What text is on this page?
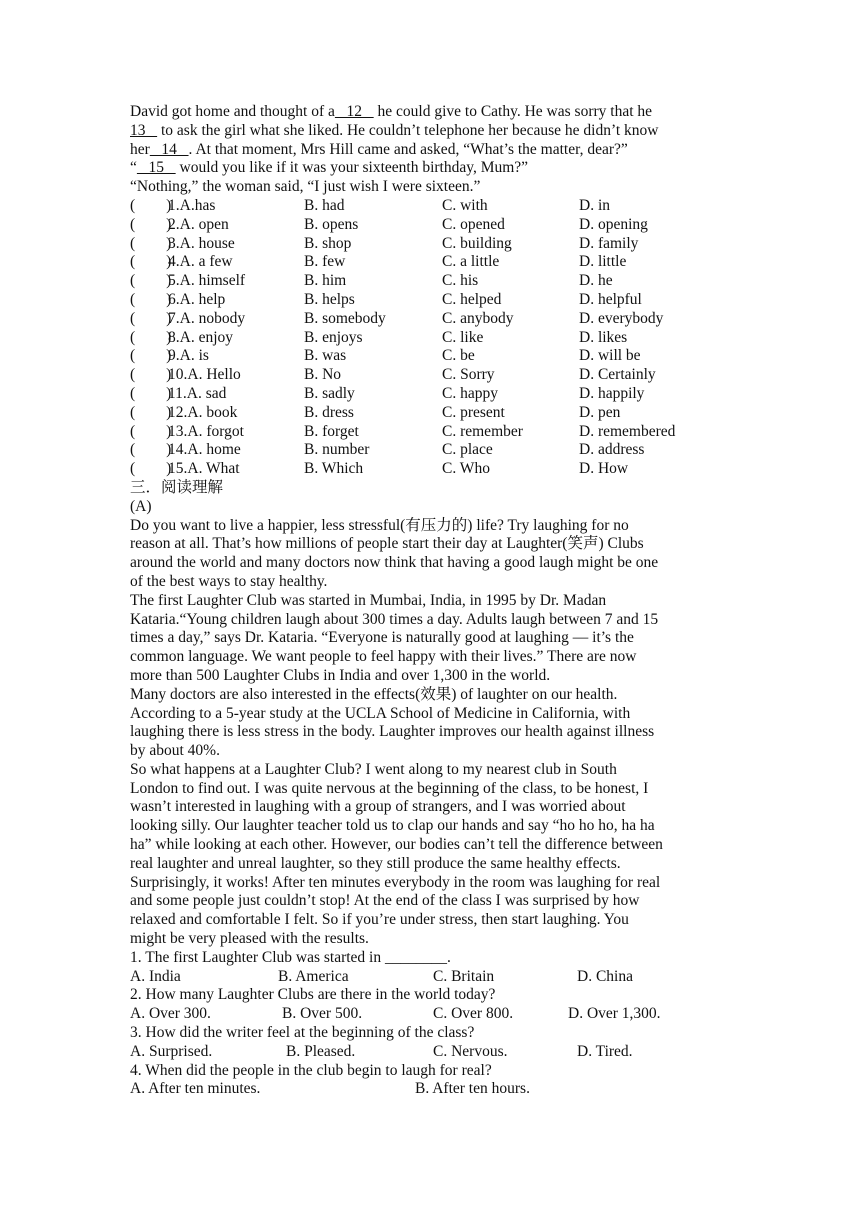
David got home and thought of a   12    he could give to Cathy. He was sorry that he
13    to ask the girl what she liked. He couldn’t telephone her because he didn’t know
her   14   . At that moment, Mrs Hill came and asked, “What’s the matter, dear?”
“   15    would you like if it was your sixteenth birthday, Mum?”
“Nothing,” the woman said, “I just wish I were sixteen.”
(        )
1.A.has	B. had	C. with	D. in
(        )
2.A. open	B. opens	C. opened	D. opening
(        )
3.A. house	B. shop	C. building	D. family
(        )
4.A. a few	B. few	C. a little	D. little
(        )
5.A. himself	B. him	C. his	D. he
(        )
6.A. help	B. helps	C. helped	D. helpful
(        )
7.A. nobody	B. somebody	C. anybody	D. everybody
(        )
8.A. enjoy	B. enjoys	C. like	D. likes
(        )
9.A. is	B. was	C. be	D. will be
(        )
10.A. Hello	B. No	C. Sorry	D. Certainly
(        )
11.A. sad	B. sadly	C. happy	D. happily
(        )
12.A. book	B. dress	C. present	D. pen
(        )
13.A. forgot	B. forget	C. remember	D. remembered
(        )
14.A. home	B. number	C. place	D. address
(        )
15.A. What	B. Which	C. Who	D. How
三．阅读理解
(A)
Do you want to live a happier, less stressful(有压力的) life? Try laughing for no
reason at all. That’s how millions of people start their day at Laughter(笑声) Clubs
around the world and many doctors now think that having a good laugh might be one
of the best ways to stay healthy.
The first Laughter Club was started in Mumbai, India, in 1995 by Dr. Madan
Kataria.“Young children laugh about 300 times a day. Adults laugh between 7 and 15
times a day,” says Dr. Kataria. “Everyone is naturally good at laughing — it’s the
common language. We want people to feel happy with their lives.” There are now
more than 500 Laughter Clubs in India and over 1,300 in the world.
Many doctors are also interested in the effects(效果) of laughter on our health.
According to a 5-year study at the UCLA School of Medicine in California, with
laughing there is less stress in the body. Laughter improves our health against illness
by about 40%.
So what happens at a Laughter Club? I went along to my nearest club in South
London to find out. I was quite nervous at the beginning of the class, to be honest, I
wasn’t interested in laughing with a group of strangers, and I was worried about
looking silly. Our laughter teacher told us to clap our hands and say “ho ho ho, ha ha
ha” while looking at each other. However, our bodies can’t tell the difference between
real laughter and unreal laughter, so they still produce the same healthy effects.
Surprisingly, it works! After ten minutes everybody in the room was laughing for real
and some people just couldn’t stop! At the end of the class I was surprised by how
relaxed and comfortable I felt. So if you’re under stress, then start laughing. You
might be very pleased with the results.
1. The first Laughter Club was started in ________.
A. India	B. America	C. Britain	D. China
2. How many Laughter Clubs are there in the world today?
A. Over 300.	B. Over 500.	C. Over 800.	D. Over 1,300.
3. How did the writer feel at the beginning of the class?
A. Surprised.	B. Pleased.	C. Nervous.	D. Tired.
4. When did the people in the club begin to laugh for real?
A. After ten minutes.	B. After ten hours.
